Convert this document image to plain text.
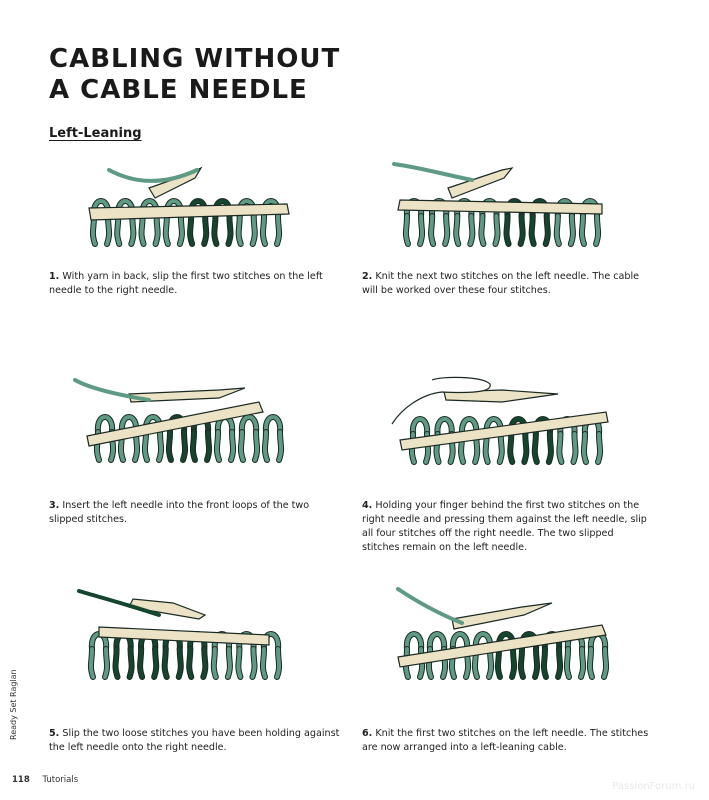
CABLING WITHOUT
A CABLE NEEDLE
Left-Leaning

1. With yarn in back, slip the first two stitches on the left needle to the right needle.

2. Knit the next two stitches on the left needle. The cable will be worked over these four stitches.

3. Insert the left needle into the front loops of the two slipped stitches.

4. Holding your finger behind the first two stitches on the right needle and pressing them against the left needle, slip all four stitches off the right needle. The two slipped stitches remain on the left needle.

5. Slip the two loose stitches you have been holding against the left needle onto the right needle.

6. Knit the first two stitches on the left needle. The stitches are now arranged into a left-leaning cable.

Ready Set Raglan
118 Tutorials
PassionForum.ru
